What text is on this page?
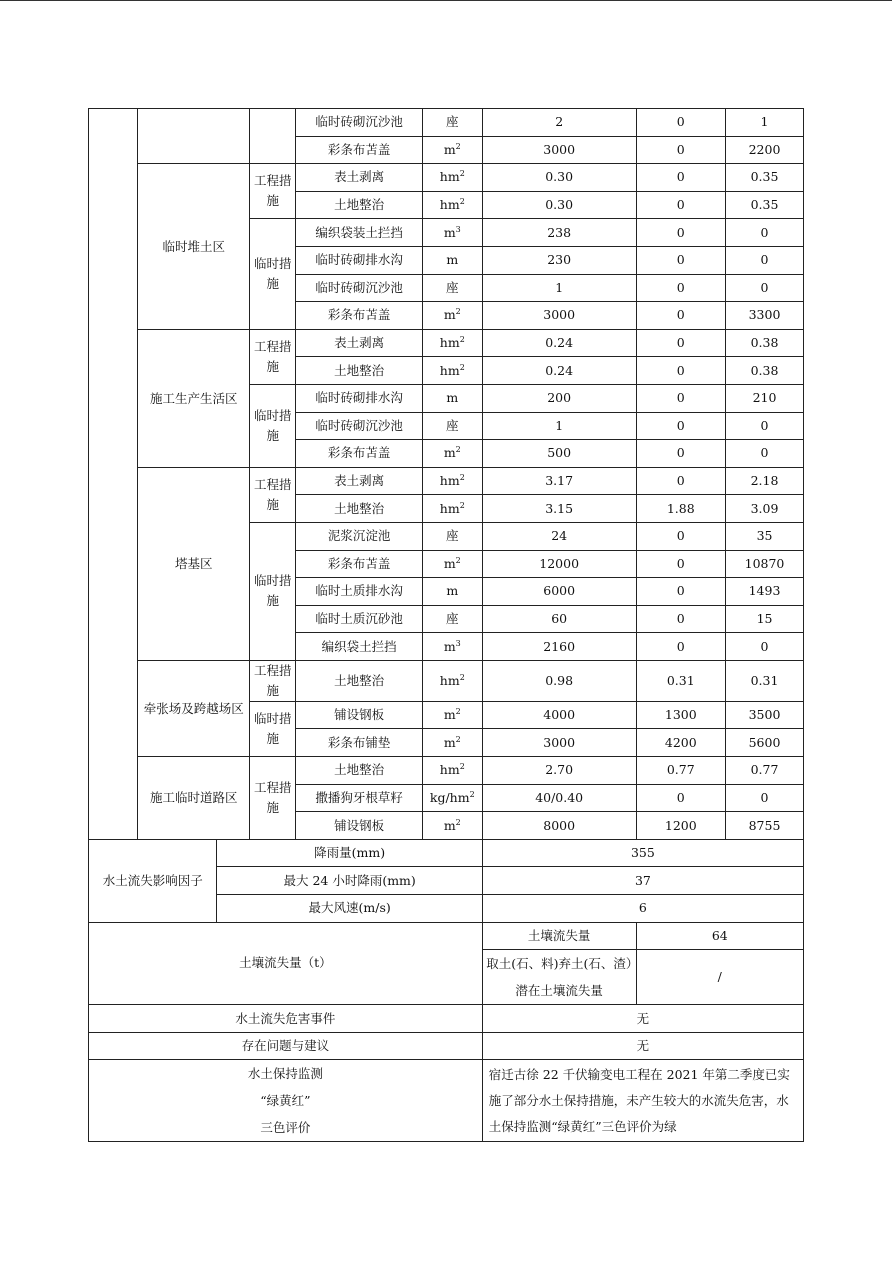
				临时砖砌沉沙池	座	2	0	1
				彩条布苫盖	$m^2$	3000	0	2200
	临时堆土区		工程措施	表土剥离	$hm^2$	0.30	0	0.35
				土地整治	$hm^2$	0.30	0	0.35
			临时措施	编织袋装土拦挡	$m^3$	238	0	0
				临时砖砌排水沟	m	230	0	0
				临时砖砌沉沙池	座	1	0	0
				彩条布苫盖	$m^2$	3000	0	3300
	施工生产生活区		工程措施	表土剥离	$hm^2$	0.24	0	0.38
				土地整治	$hm^2$	0.24	0	0.38
			临时措施	临时砖砌排水沟	m	200	0	210
				临时砖砌沉沙池	座	1	0	0
				彩条布苫盖	$m^2$	500	0	0
	塔基区		工程措施	表土剥离	$hm^2$	3.17	0	2.18
				土地整治	$hm^2$	3.15	1.88	3.09
			临时措施	泥浆沉淀池	座	24	0	35
				彩条布苫盖	$m^2$	12000	0	10870
				临时土质排水沟	m	6000	0	1493
				临时土质沉砂池	座	60	0	15
				编织袋土拦挡	$m^3$	2160	0	0
	牵张场及跨越场区		工程措施	土地整治	$hm^2$	0.98	0.31	0.31
			临时措施	铺设钢板	$m^2$	4000	1300	3500
				彩条布铺垫	$m^2$	3000	4200	5600
	施工临时道路区		工程措施	土地整治	$hm^2$	2.70	0.77	0.77
				撒播狗牙根草籽	$kg/hm^2$	40/0.40	0	0
				铺设钢板	$m^2$	8000	1200	8755
水土流失影响因子		降雨量(mm)				355		
		最大 24 小时降雨(mm)				37		
		最大风速(m/s)				6		
土壤流失量（t）						土壤流失量	64	
						取土(石、料)弃土(石、渣）潜在土壤流失量	/	
水土流失危害事件						无		
存在问题与建议						无		

水土保持监测
“绿黄红”
三色评价						宿迁古徐 22 千伏输变电工程在 2021 年第二季度已实施了部分水土保持措施，未产生较大的水流失危害，水土保持监测“绿黄红”三色评价为绿		
